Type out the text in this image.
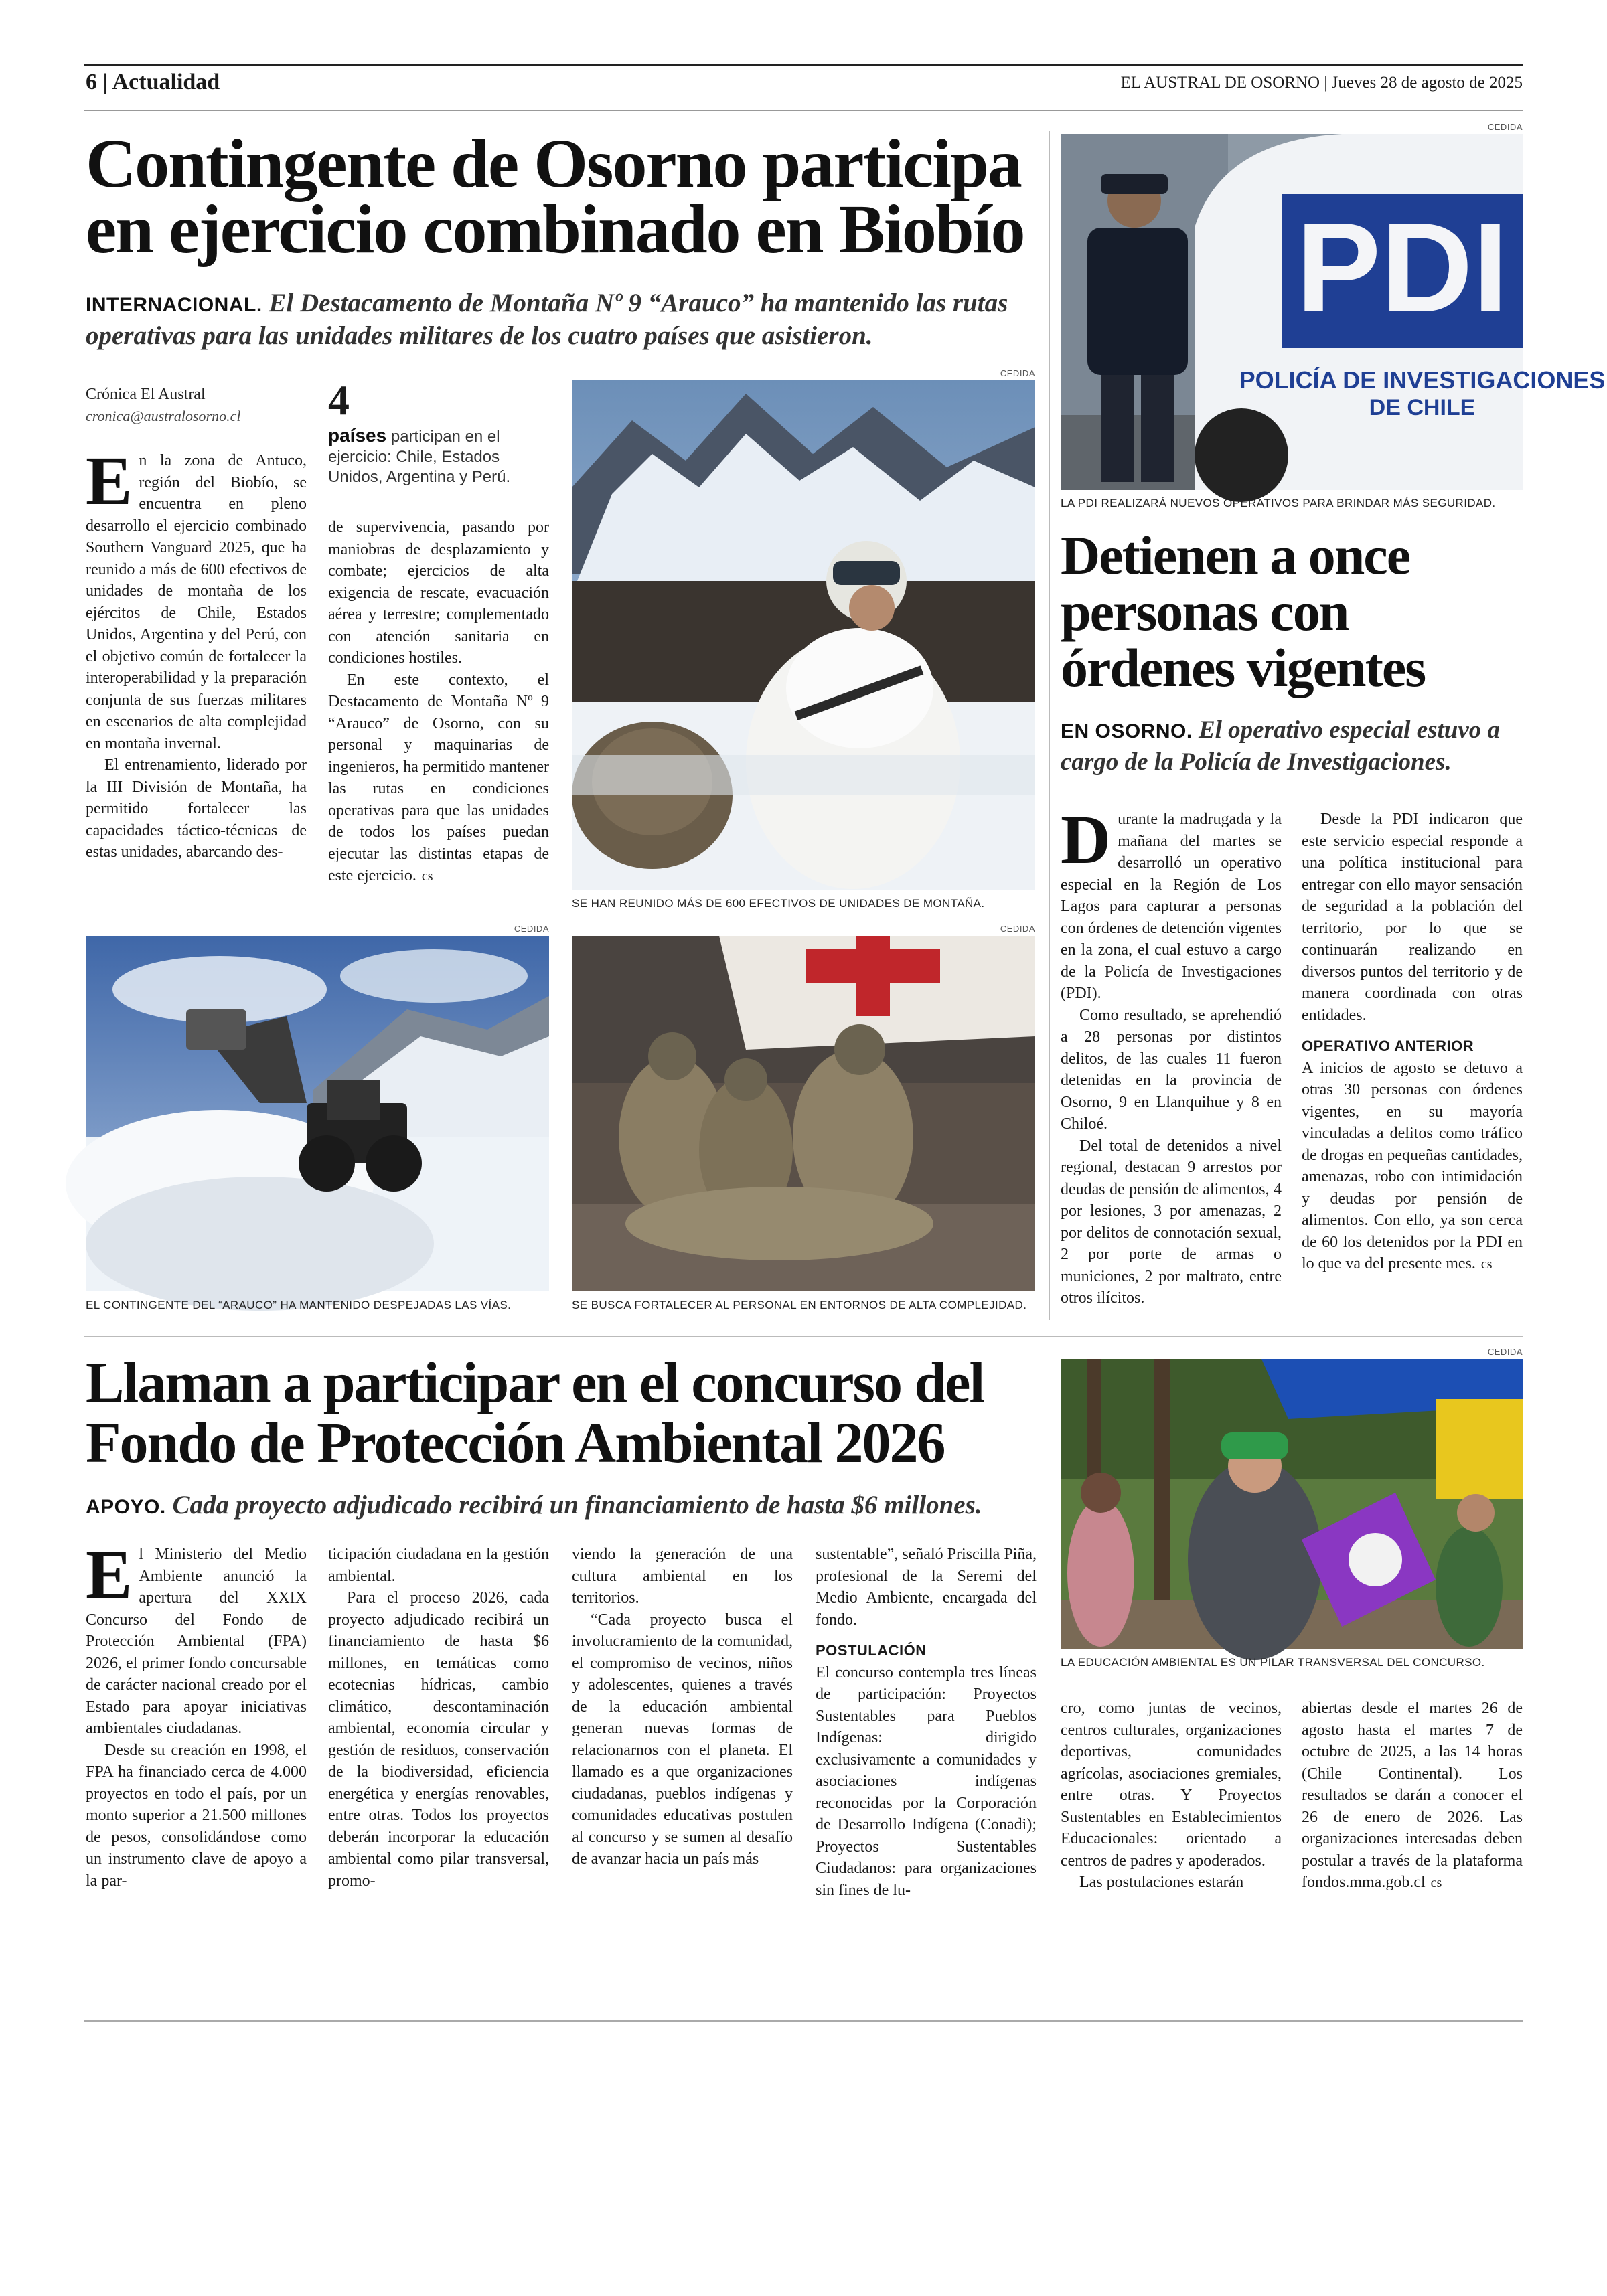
6 | Actualidad	EL AUSTRAL DE OSORNO | Jueves 28 de agosto de 2025
Contingente de Osorno participa
en ejercicio combinado en Biobío
INTERNACIONAL. El Destacamento de Montaña Nº 9 “Arauco” ha mantenido las rutas operativas para las unidades militares de los cuatro países que asistieron.
Crónica El Austral
cronica@australosorno.cl	4
países participan en el ejercicio: Chile, Estados Unidos, Argentina y Perú.

En la zona de Antuco, región del Biobío, se encuentra en pleno desarrollo el ejercicio combinado Southern Vanguard 2025, que ha reunido a más de 600 efectivos de unidades de montaña de los ejércitos de Chile, Estados Unidos, Argentina y del Perú, con el objetivo común de fortalecer la interoperabilidad y la preparación conjunta de sus fuerzas militares en escenarios de alta complejidad en montaña invernal.

El entrenamiento, liderado por la III División de Montaña, ha permitido fortalecer las capacidades táctico-técnicas de estas unidades, abarcando des-

de supervivencia, pasando por maniobras de desplazamiento y combate; ejercicios de alta exigencia de rescate, evacuación aérea y terrestre; complementado con atención sanitaria en condiciones hostiles.

En este contexto, el Destacamento de Montaña Nº 9 “Arauco” de Osorno, con su personal y maquinarias de ingenieros, ha permitido mantener las rutas en condiciones operativas para que las unidades de todos los países puedan ejecutar las distintas etapas de este ejercicio. cs

CEDIDA
SE HAN REUNIDO MÁS DE 600 EFECTIVOS DE UNIDADES DE MONTAÑA.
CEDIDA
EL CONTINGENTE DEL “ARAUCO” HA MANTENIDO DESPEJADAS LAS VÍAS.
CEDIDA
SE BUSCA FORTALECER AL PERSONAL EN ENTORNOS DE ALTA COMPLEJIDAD.
CEDIDA
PDI
POLICÍA DE INVESTIGACIONES
DE CHILE
LA PDI REALIZARÁ NUEVOS OPERATIVOS PARA BRINDAR MÁS SEGURIDAD.
Detienen a once
personas con
órdenes vigentes
EN OSORNO. El operativo especial estuvo a cargo de la Policía de Investigaciones.

Durante la madrugada y la mañana del martes se desarrolló un operativo especial en la Región de Los Lagos para capturar a personas con órdenes de detención vigentes en la zona, el cual estuvo a cargo de la Policía de Investigaciones (PDI).

Como resultado, se aprehendió a 28 personas por distintos delitos, de las cuales 11 fueron detenidas en la provincia de Osorno, 9 en Llanquihue y 8 en Chiloé.

Del total de detenidos a nivel regional, destacan 9 arrestos por deudas de pensión de alimentos, 4 por lesiones, 3 por amenazas, 2 por delitos de connotación sexual, 2 por porte de armas o municiones, 2 por maltrato, entre otros ilícitos.

Desde la PDI indicaron que este servicio especial responde a una política institucional para entregar con ello mayor sensación de seguridad a la población del territorio, por lo que se continuarán realizando en diversos puntos del territorio y de manera coordinada con otras entidades.

OPERATIVO ANTERIOR

A inicios de agosto se detuvo a otras 30 personas con órdenes vigentes, en su mayoría vinculadas a delitos como tráfico de drogas en pequeñas cantidades, amenazas, robo con intimidación y deudas por pensión de alimentos. Con ello, ya son cerca de 60 los detenidos por la PDI en lo que va del presente mes. cs

Llaman a participar en el concurso del
Fondo de Protección Ambiental 2026
APOYO. Cada proyecto adjudicado recibirá un financiamiento de hasta $6 millones.
CEDIDA
LA EDUCACIÓN AMBIENTAL ES UN PILAR TRANSVERSAL DEL CONCURSO.

El Ministerio del Medio Ambiente anunció la apertura del XXIX Concurso del Fondo de Protección Ambiental (FPA) 2026, el primer fondo concursable de carácter nacional creado por el Estado para apoyar iniciativas ambientales ciudadanas.

Desde su creación en 1998, el FPA ha financiado cerca de 4.000 proyectos en todo el país, por un monto superior a 21.500 millones de pesos, consolidándose como un instrumento clave de apoyo a la par-

ticipación ciudadana en la gestión ambiental.

Para el proceso 2026, cada proyecto adjudicado recibirá un financiamiento de hasta $6 millones, en temáticas como ecotecnias hídricas, cambio climático, descontaminación ambiental, economía circular y gestión de residuos, conservación de la biodiversidad, eficiencia energética y energías renovables, entre otras. Todos los proyectos deberán incorporar la educación ambiental como pilar transversal, promo-

viendo la generación de una cultura ambiental en los territorios.

“Cada proyecto busca el involucramiento de la comunidad, el compromiso de vecinos, niños y adolescentes, quienes a través de la educación ambiental generan nuevas formas de relacionarnos con el planeta. El llamado es a que organizaciones ciudadanas, pueblos indígenas y comunidades educativas postulen al concurso y se sumen al desafío de avanzar hacia un país más

sustentable”, señaló Priscilla Piña, profesional de la Seremi del Medio Ambiente, encargada del fondo.

POSTULACIÓN

El concurso contempla tres líneas de participación: Proyectos Sustentables para Pueblos Indígenas: dirigido exclusivamente a comunidades y asociaciones indígenas reconocidas por la Corporación de Desarrollo Indígena (Conadi); Proyectos Sustentables Ciudadanos: para organizaciones sin fines de lu-

cro, como juntas de vecinos, centros culturales, organizaciones deportivas, comunidades agrícolas, asociaciones gremiales, entre otras. Y Proyectos Sustentables en Establecimientos Educacionales: orientado a centros de padres y apoderados.

Las postulaciones estarán

abiertas desde el martes 26 de agosto hasta el martes 7 de octubre de 2025, a las 14 horas (Chile Continental). Los resultados se darán a conocer el 26 de enero de 2026. Las organizaciones interesadas deben postular a través de la plataforma fondos.mma.gob.cl cs
